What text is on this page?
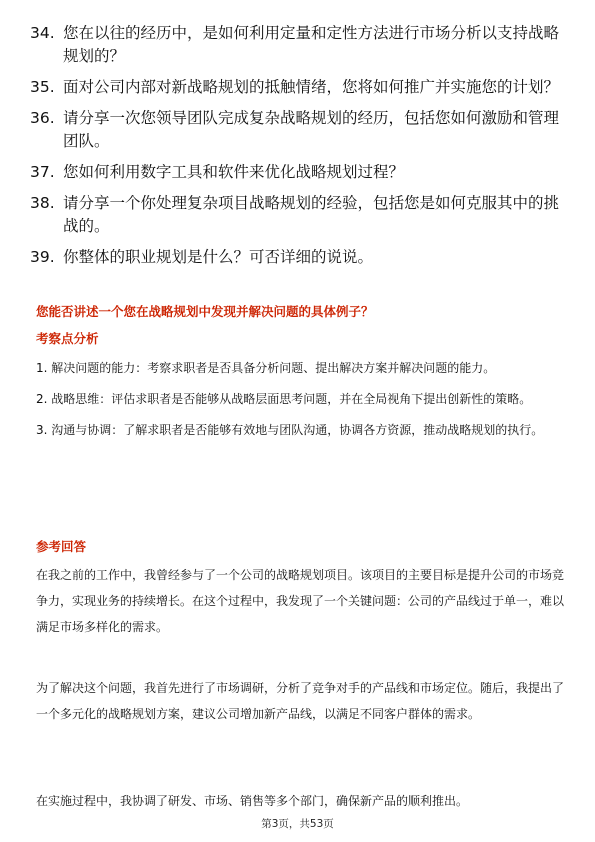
34. 您在以往的经历中，是如何利用定量和定性方法进行市场分析以支持战略规划的？
35. 面对公司内部对新战略规划的抵触情绪，您将如何推广并实施您的计划？
36. 请分享一次您领导团队完成复杂战略规划的经历，包括您如何激励和管理团队。
37. 您如何利用数字工具和软件来优化战略规划过程？
38. 请分享一个你处理复杂项目战略规划的经验，包括您是如何克服其中的挑战的。
39. 你整体的职业规划是什么？可否详细的说说。
您能否讲述一个您在战略规划中发现并解决问题的具体例子？
考察点分析

1. 解决问题的能力：考察求职者是否具备分析问题、提出解决方案并解决问题的能力。

2. 战略思维：评估求职者是否能够从战略层面思考问题，并在全局视角下提出创新性的策略。

3. 沟通与协调：了解求职者是否能够有效地与团队沟通，协调各方资源，推动战略规划的执行。

参考回答

在我之前的工作中，我曾经参与了一个公司的战略规划项目。该项目的主要目标是提升公司的市场竞争力，实现业务的持续增长。在这个过程中，我发现了一个关键问题：公司的产品线过于单一，难以满足市场多样化的需求。

为了解决这个问题，我首先进行了市场调研，分析了竞争对手的产品线和市场定位。随后，我提出了一个多元化的战略规划方案，建议公司增加新产品线，以满足不同客户群体的需求。

在实施过程中，我协调了研发、市场、销售等多个部门，确保新产品的顺利推出。

第3页，共53页
